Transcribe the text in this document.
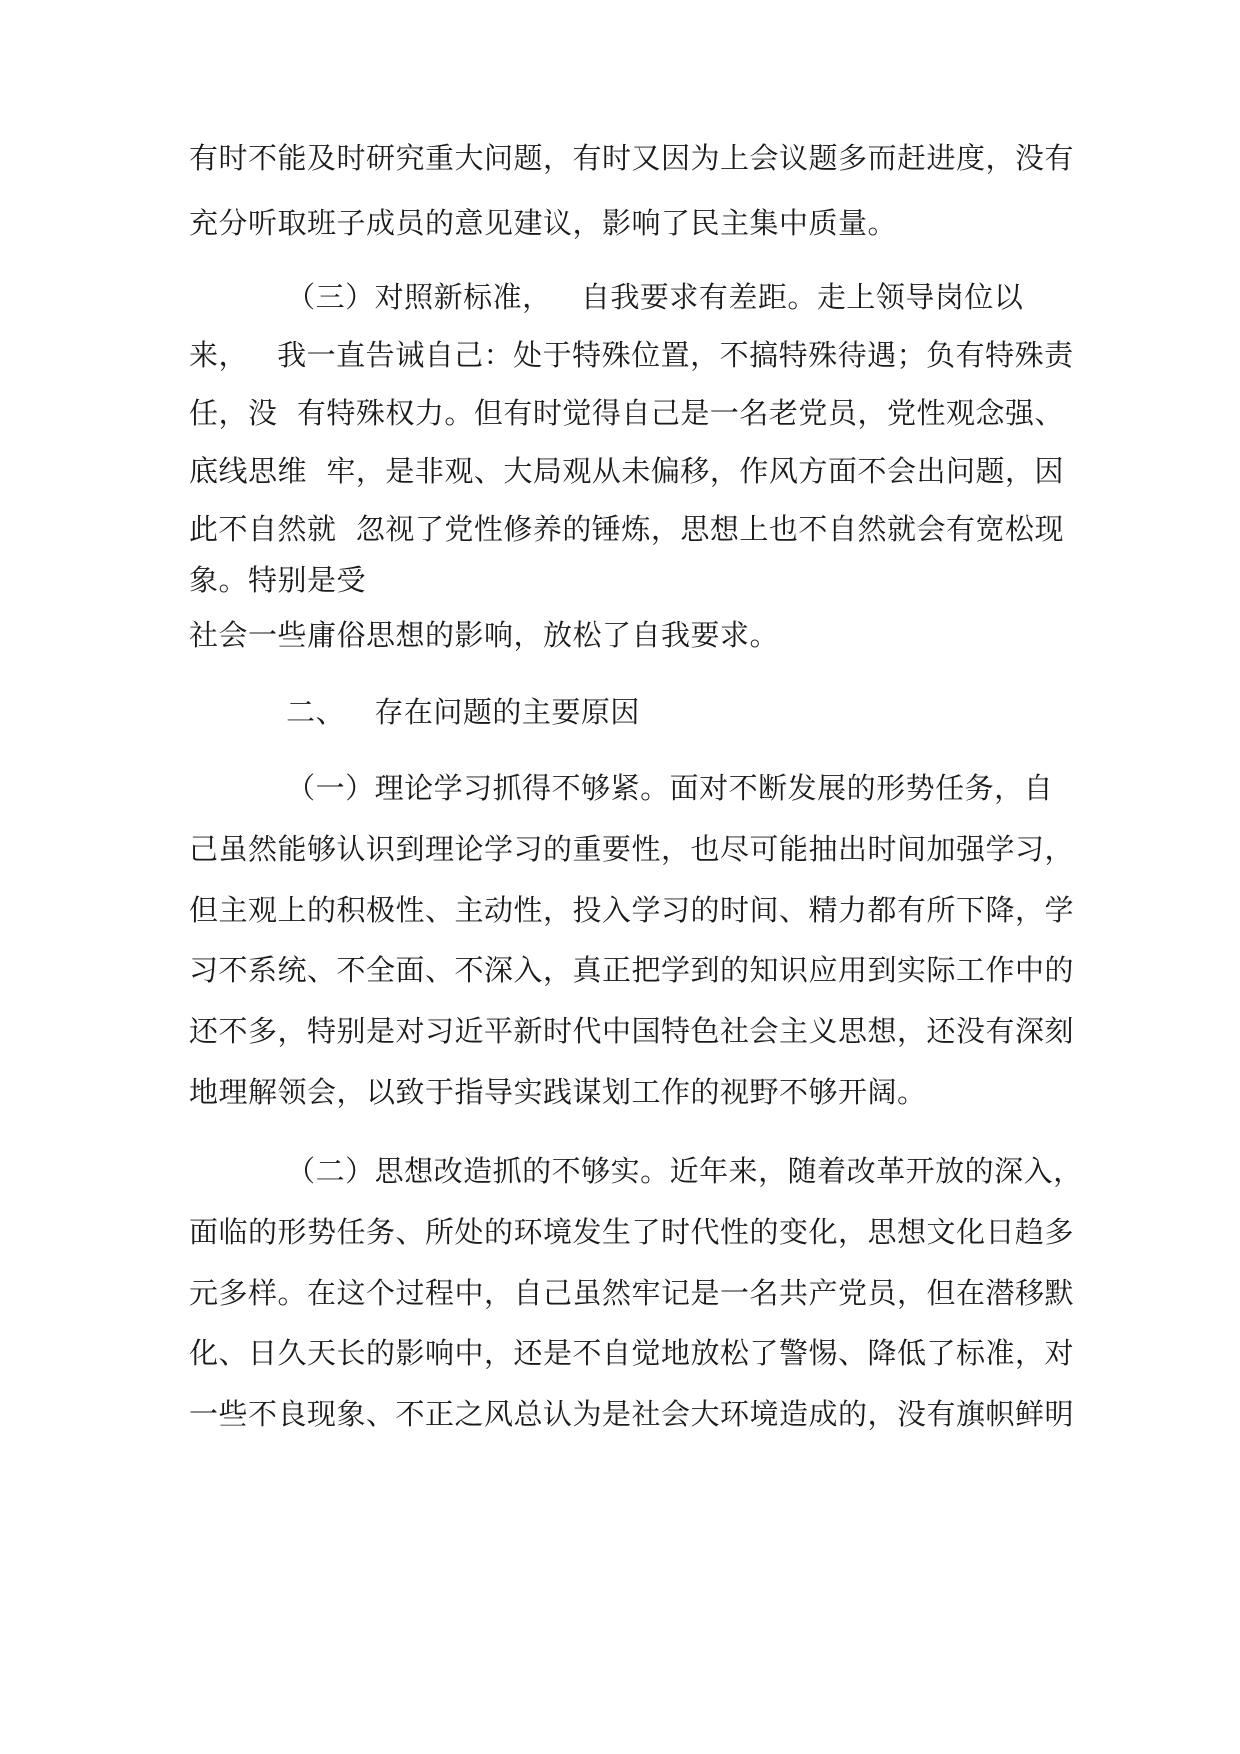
有时不能及时研究重大问题，有时又因为上会议题多而赶进度，没有
充分听取班子成员的意见建议，影响了民主集中质量。
（三）对照新标准，   自我要求有差距。走上领导岗位以
来，   我一直告诫自己：处于特殊位置，不搞特殊待遇；负有特殊责
任，没  有特殊权力。但有时觉得自己是一名老党员，党性观念强、
底线思维  牢，是非观、大局观从未偏移，作风方面不会出问题，因
此不自然就  忽视了党性修养的锤炼，思想上也不自然就会有宽松现
象。特别是受
社会一些庸俗思想的影响，放松了自我要求。
二、   存在问题的主要原因
（一）理论学习抓得不够紧。面对不断发展的形势任务，自
己虽然能够认识到理论学习的重要性，也尽可能抽出时间加强学习，
但主观上的积极性、主动性，投入学习的时间、精力都有所下降，学
习不系统、不全面、不深入，真正把学到的知识应用到实际工作中的
还不多，特别是对习近平新时代中国特色社会主义思想，还没有深刻
地理解领会，以致于指导实践谋划工作的视野不够开阔。
（二）思想改造抓的不够实。近年来，随着改革开放的深入，
面临的形势任务、所处的环境发生了时代性的变化，思想文化日趋多
元多样。在这个过程中，自己虽然牢记是一名共产党员，但在潜移默
化、日久天长的影响中，还是不自觉地放松了警惕、降低了标准，对
一些不良现象、不正之风总认为是社会大环境造成的，没有旗帜鲜明
